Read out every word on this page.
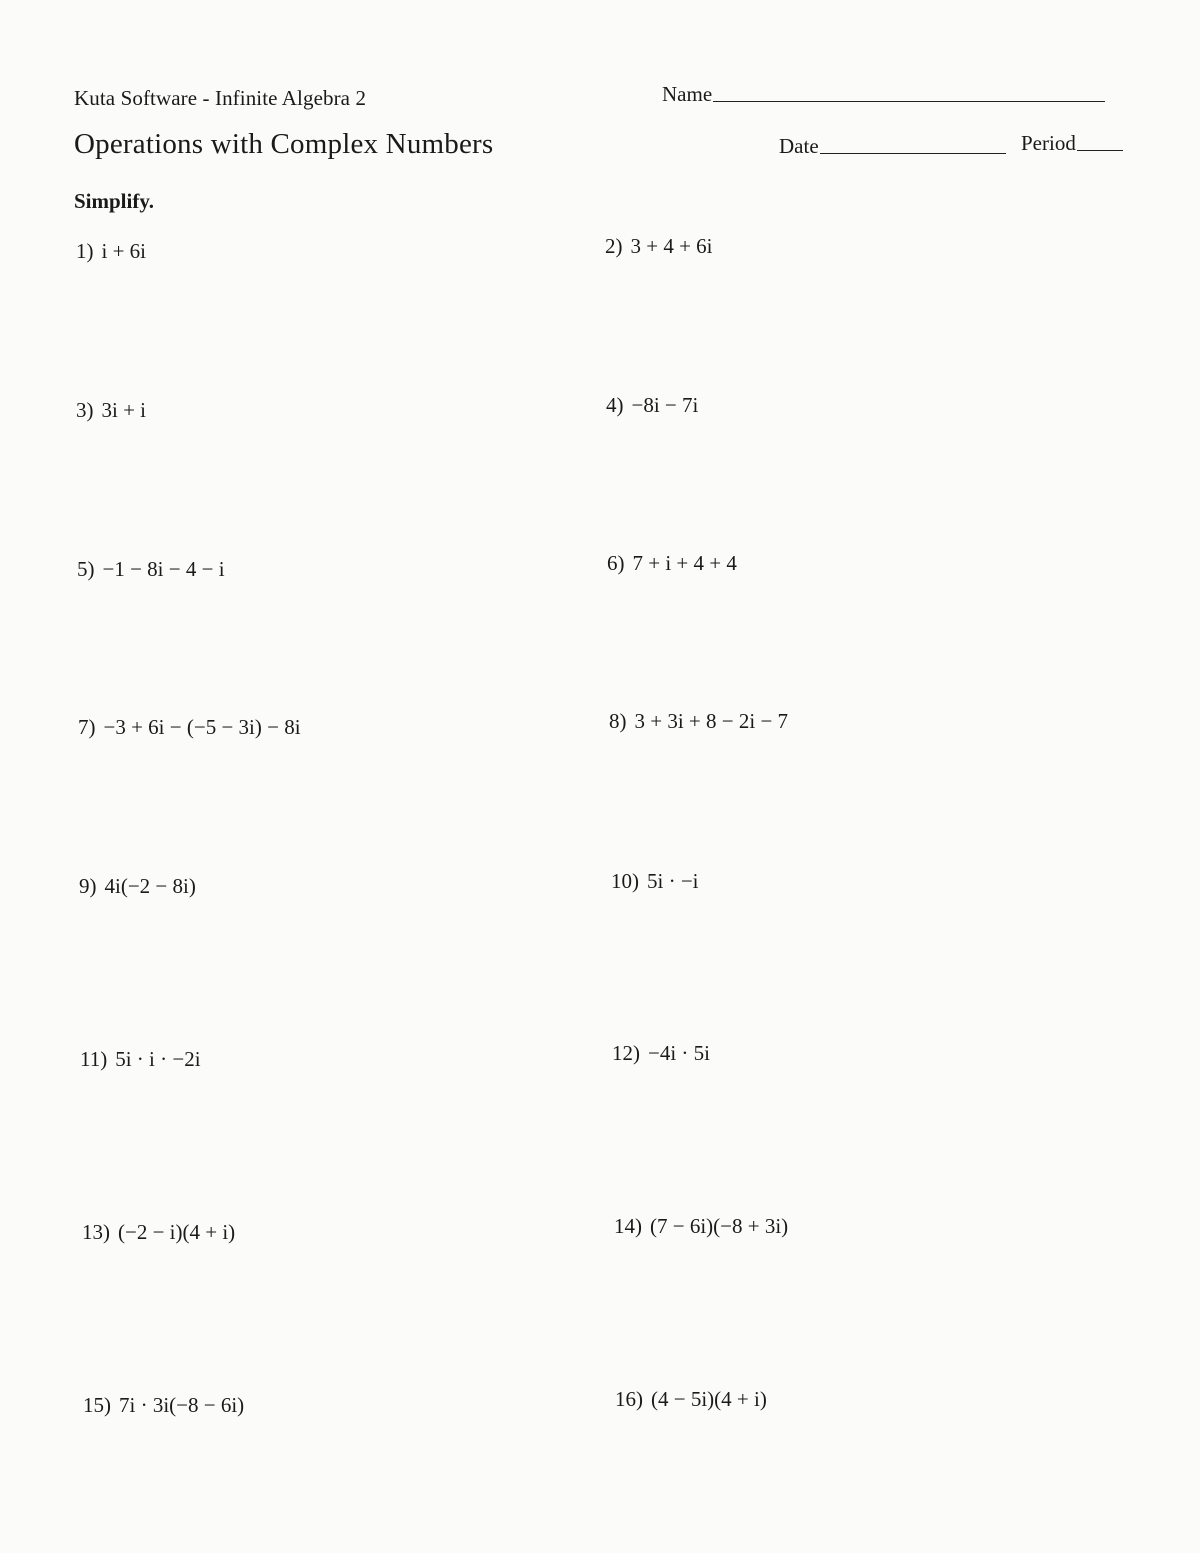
Kuta Software - Infinite Algebra 2
Operations with Complex Numbers
Simplify.
Name
Date	Period
1) i + 6i	2) 3 + 4 + 6i
3) 3i + i	4) −8i − 7i
5) −1 − 8i − 4 − i	6) 7 + i + 4 + 4
7) −3 + 6i − (−5 − 3i) − 8i	8) 3 + 3i + 8 − 2i − 7
9) 4i(−2 − 8i)	10) 5i · −i
11) 5i · i · −2i	12) −4i · 5i
13) (−2 − i)(4 + i)	14) (7 − 6i)(−8 + 3i)
15) 7i · 3i(−8 − 6i)	16) (4 − 5i)(4 + i)
